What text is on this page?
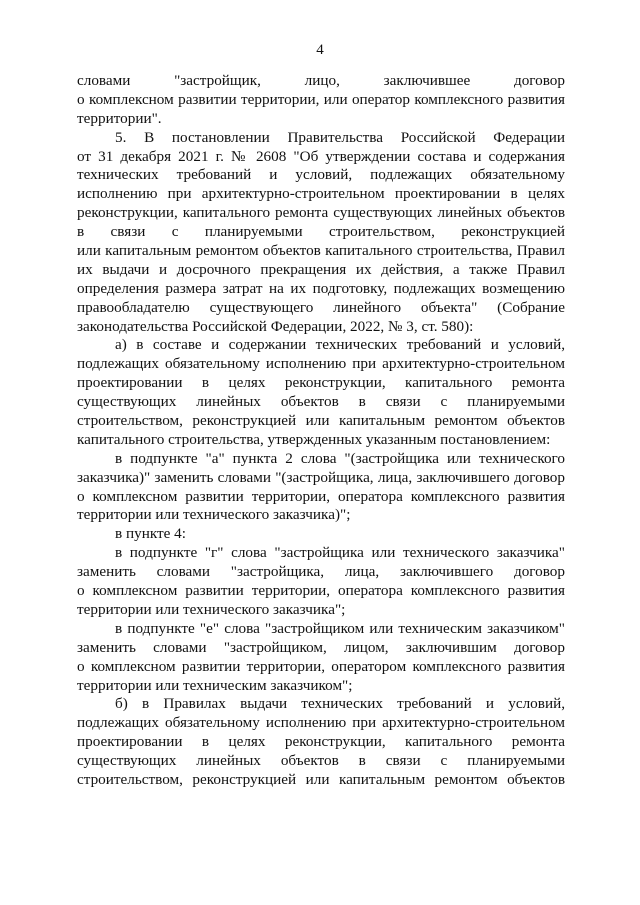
4
словами "застройщик, лицо, заключившее договор
о комплексном развитии территории, или оператор комплексного развития
территории".
5. В постановлении Правительства Российской Федерации
от 31 декабря 2021 г. № 2608 "Об утверждении состава и содержания
технических требований и условий, подлежащих обязательному
исполнению при архитектурно-строительном проектировании в целях
реконструкции, капитального ремонта существующих линейных объектов
в связи с планируемыми строительством, реконструкцией
или капитальным ремонтом объектов капитального строительства, Правил
их выдачи и досрочного прекращения их действия, а также Правил
определения размера затрат на их подготовку, подлежащих возмещению
правообладателю существующего линейного объекта" (Собрание
законодательства Российской Федерации, 2022, № 3, ст. 580):
а) в составе и содержании технических требований и условий,
подлежащих обязательному исполнению при архитектурно-строительном
проектировании в целях реконструкции, капитального ремонта
существующих линейных объектов в связи с планируемыми
строительством, реконструкцией или капитальным ремонтом объектов
капитального строительства, утвержденных указанным постановлением:
в подпункте "а" пункта 2 слова "(застройщика или технического
заказчика)" заменить словами "(застройщика, лица, заключившего договор
о комплексном развитии территории, оператора комплексного развития
территории или технического заказчика)";
в пункте 4:
в подпункте "г" слова "застройщика или технического заказчика"
заменить словами "застройщика, лица, заключившего договор
о комплексном развитии территории, оператора комплексного развития
территории или технического заказчика";
в подпункте "е" слова "застройщиком или техническим заказчиком"
заменить словами "застройщиком, лицом, заключившим договор
о комплексном развитии территории, оператором комплексного развития
территории или техническим заказчиком";
б) в Правилах выдачи технических требований и условий,
подлежащих обязательному исполнению при архитектурно-строительном
проектировании в целях реконструкции, капитального ремонта
существующих линейных объектов в связи с планируемыми
строительством, реконструкцией или капитальным ремонтом объектов
